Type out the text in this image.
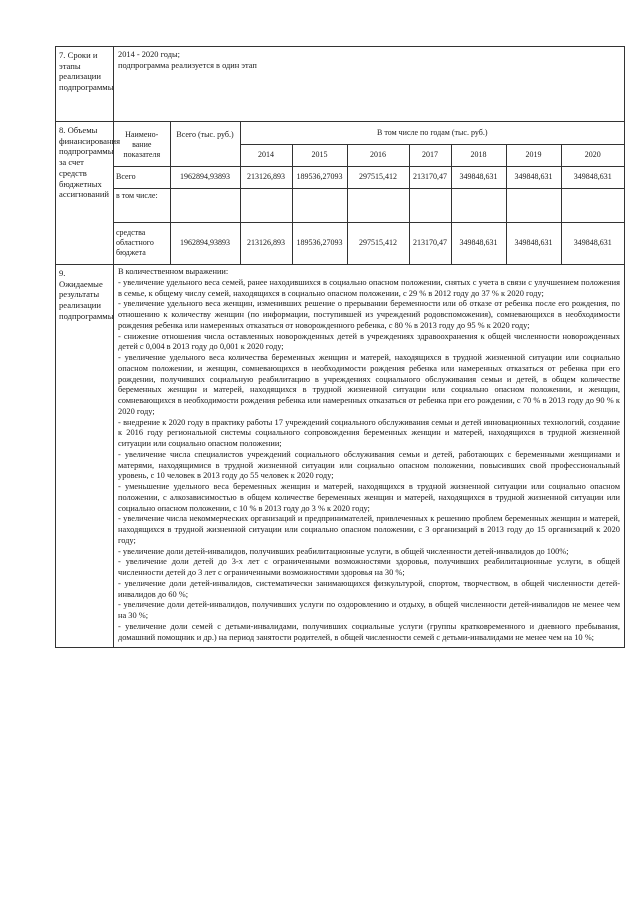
7. Сроки и этапы реализации подпрограммы	
2014 - 2020 годы;
подпрограмма реализуется в один этап

8. Объемы финансирования подпрограммы за счет средств бюджетных ассигнований	
Наимено-вание показателя	Всего (тыс. руб.)	В том числе по годам (тыс. руб.)
2014	2015	2016	2017	2018	2019	2020
Всего	1962894,93893	213126,893	189536,27093	297515,412	213170,47	349848,631	349848,631	349848,631
в том числе:								
средства областного бюджета	1962894,93893	213126,893	189536,27093	297515,412	213170,47	349848,631	349848,631	349848,631

9. Ожидаемые результаты реализации подпрограммы	

В количественном выражении:

- увеличение удельного веса семей, ранее находившихся в социально опасном положении, снятых с учета в связи с улучшением положения в семье, к общему числу семей, находящихся в социально опасном положении, с 29 % в 2012 году до 37 % к 2020 году;

- увеличение удельного веса женщин, изменивших решение о прерывании беременности или об отказе от ребенка после его рождения, по отношению к количеству женщин (по информации, поступившей из учреждений родовспоможения), сомневающихся в необходимости рождения ребенка или намеренных отказаться от новорожденного ребенка, с 80 % в 2013 году до 95 % к 2020 году;

- снижение отношения числа оставленных новорожденных детей в учреждениях здравоохранения к общей численности новорожденных детей с 0,004 в 2013 году до 0,001 к 2020 году;

- увеличение удельного веса количества беременных женщин и матерей, находящихся в трудной жизненной ситуации или социально опасном положении, и женщин, сомневающихся в необходимости рождения ребенка или намеренных отказаться от ребенка при его рождении, получивших социальную реабилитацию в учреждениях социального обслуживания семьи и детей, в общем количестве беременных женщин и матерей, находящихся в трудной жизненной ситуации или социально опасном положении, и женщин, сомневающихся в необходимости рождения ребенка или намеренных отказаться от ребенка при его рождении, с 70 % в 2013 году до 90 % к 2020 году;

- внедрение к 2020 году в практику работы 17 учреждений социального обслуживания семьи и детей инновационных технологий, создание к 2016 году региональной системы социального сопровождения беременных женщин и матерей, находящихся в трудной жизненной ситуации или социально опасном положении;

- увеличение числа специалистов учреждений социального обслуживания семьи и детей, работающих с беременными женщинами и матерями, находящимися в трудной жизненной ситуации или социально опасном положении, повысивших свой профессиональный уровень, с 10 человек в 2013 году до 55 человек к 2020 году;

- уменьшение удельного веса беременных женщин и матерей, находящихся в трудной жизненной ситуации или социально опасном положении, с алкозависимостью в общем количестве беременных женщин и матерей, находящихся в трудной жизненной ситуации или социально опасном положении, с 10 % в 2013 году до 3 % к 2020 году;

- увеличение числа некоммерческих организаций и предпринимателей, привлеченных к решению проблем беременных женщин и матерей, находящихся в трудной жизненной ситуации или социально опасном положении, с 3 организаций в 2013 году до 15 организаций к 2020 году;

- увеличение доли детей-инвалидов, получивших реабилитационные услуги, в общей численности детей-инвалидов до 100%;

- увеличение доли детей до 3-х лет с ограниченными возможностями здоровья, получивших реабилитационные услуги, в общей численности детей до 3 лет с ограниченными возможностями здоровья на 30 %;

- увеличение доли детей-инвалидов, систематически занимающихся физкультурой, спортом, творчеством, в общей численности детей-инвалидов до 60 %;

- увеличение доли детей-инвалидов, получивших услуги по оздоровлению и отдыху, в общей численности детей-инвалидов не менее чем на 30 %;

- увеличение доли семей с детьми-инвалидами, получивших социальные услуги (группы кратковременного и дневного пребывания, домашний помощник и др.) на период занятости родителей, в общей численности семей с детьми-инвалидами не менее чем на 10 %;
